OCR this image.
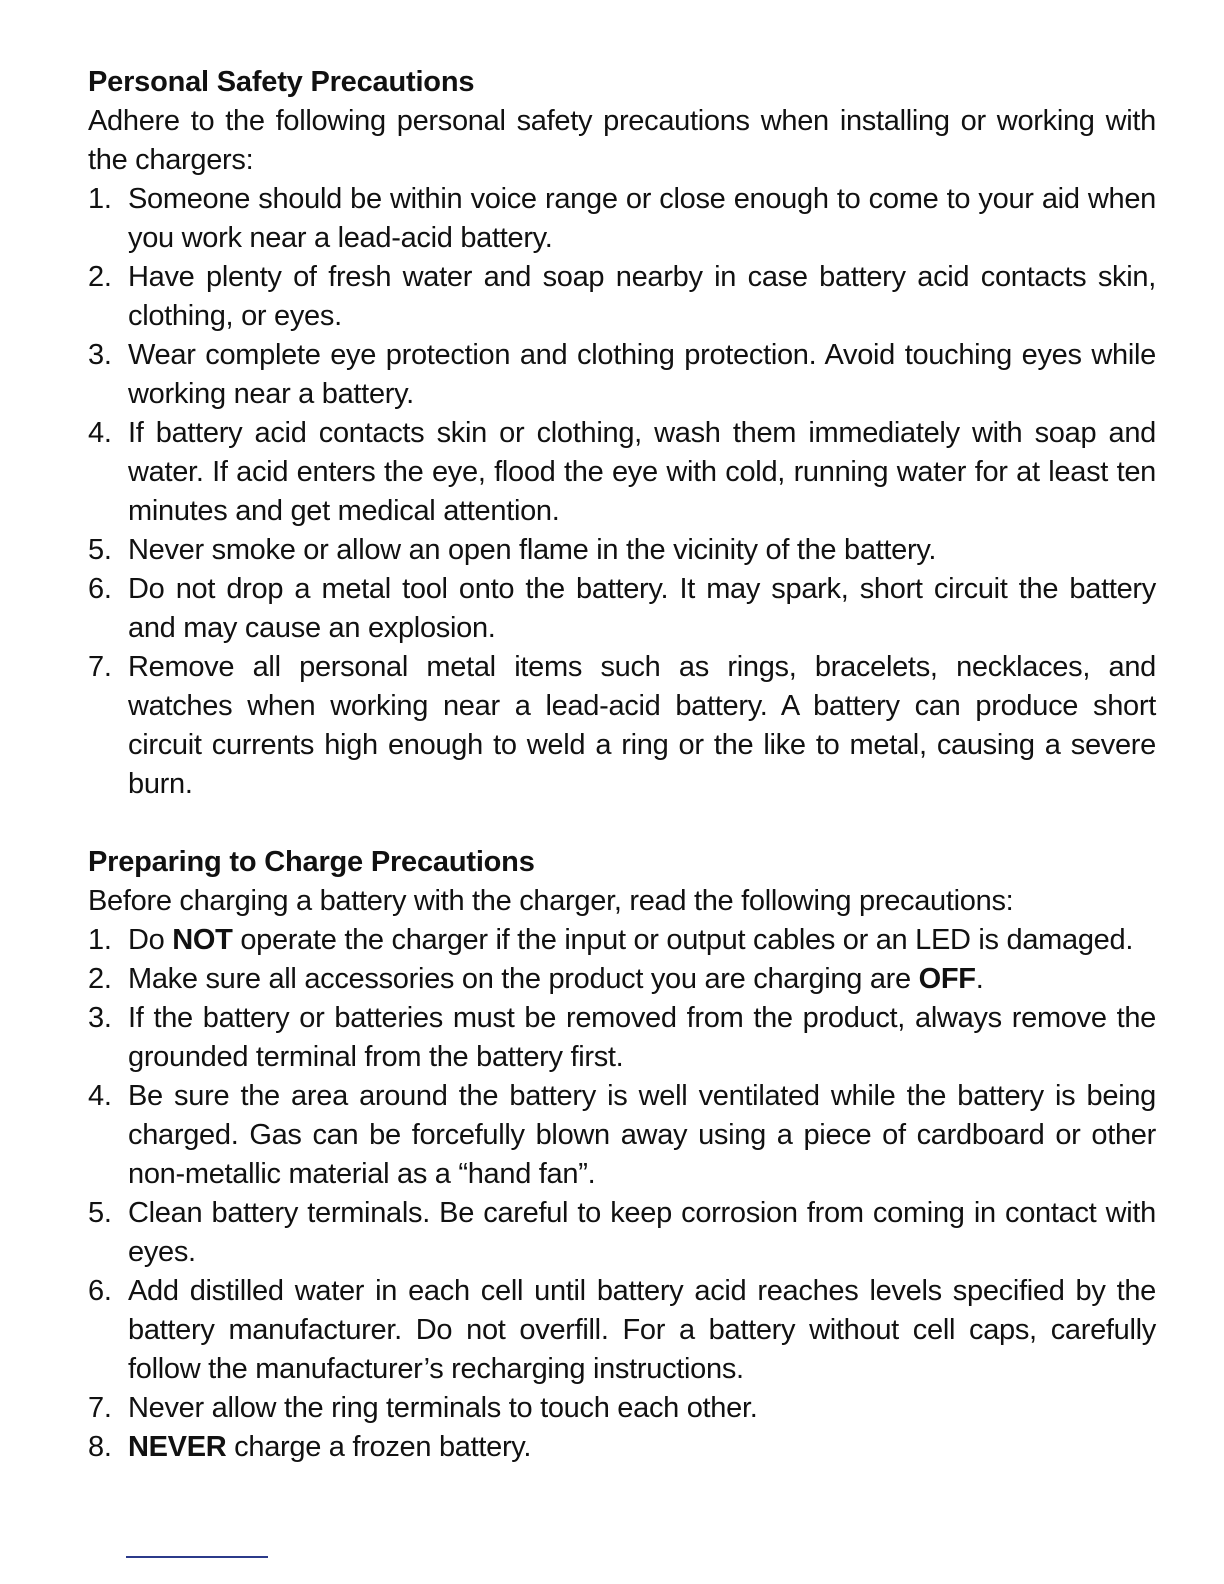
Personal Safety Precautions

Adhere to the following personal safety precautions when installing or working with the chargers:

1. Someone should be within voice range or close enough to come to your aid when you work near a lead-acid battery.
2. Have plenty of fresh water and soap nearby in case battery acid contacts skin, clothing, or eyes.
3. Wear complete eye protection and clothing protection. Avoid touching eyes while working near a battery.
4. If battery acid contacts skin or clothing, wash them immediately with soap and water. If acid enters the eye, flood the eye with cold, running water for at least ten minutes and get medical attention.
5. Never smoke or allow an open flame in the vicinity of the battery.
6. Do not drop a metal tool onto the battery. It may spark, short circuit the battery and may cause an explosion.
7. Remove all personal metal items such as rings, bracelets, necklaces, and watches when working near a lead-acid battery. A battery can produce short circuit currents high enough to weld a ring or the like to metal, causing a severe burn.
Preparing to Charge Precautions

Before charging a battery with the charger, read the following precautions:

1. Do NOT operate the charger if the input or output cables or an LED is damaged.
2. Make sure all accessories on the product you are charging are OFF.
3. If the battery or batteries must be removed from the product, always remove the grounded terminal from the battery first.
4. Be sure the area around the battery is well ventilated while the battery is being charged. Gas can be forcefully blown away using a piece of cardboard or other non-metallic material as a “hand fan”.
5. Clean battery terminals. Be careful to keep corrosion from coming in contact with eyes.
6. Add distilled water in each cell until battery acid reaches levels specified by the battery manufacturer. Do not overfill. For a battery without cell caps, carefully follow the manufacturer’s recharging instructions.
7. Never allow the ring terminals to touch each other.
8. NEVER charge a frozen battery.
